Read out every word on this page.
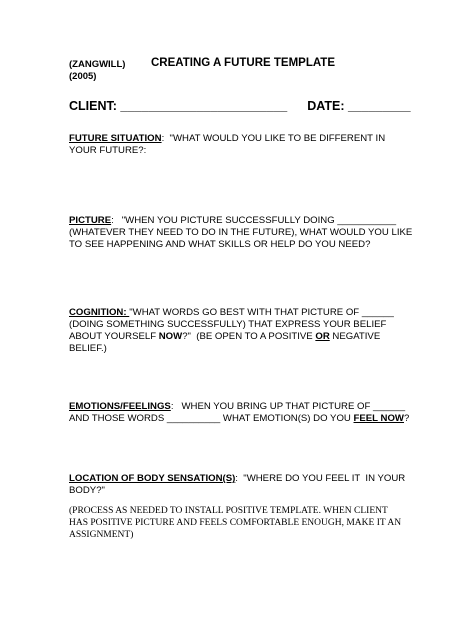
(ZANGWILL)
(2005)
CREATING A FUTURE TEMPLATE
CLIENT: ________________________ DATE: _________
FUTURE SITUATION:  "WHAT WOULD YOU LIKE TO BE DIFFERENT IN YOUR FUTURE?:
PICTURE:   "WHEN YOU PICTURE SUCCESSFULLY DOING ___________ (WHATEVER THEY NEED TO DO IN THE FUTURE), WHAT WOULD YOU LIKE TO SEE HAPPENING AND WHAT SKILLS OR HELP DO YOU NEED?
COGNITION: "WHAT WORDS GO BEST WITH THAT PICTURE OF ______ (DOING SOMETHING SUCCESSFULLY) THAT EXPRESS YOUR BELIEF ABOUT YOURSELF NOW?"  (BE OPEN TO A POSITIVE OR NEGATIVE BELIEF.)
EMOTIONS/FEELINGS:   WHEN YOU BRING UP THAT PICTURE OF ______ AND THOSE WORDS __________ WHAT EMOTION(S) DO YOU FEEL NOW?
LOCATION OF BODY SENSATION(S):  "WHERE DO YOU FEEL IT  IN YOUR BODY?"
(PROCESS AS NEEDED TO INSTALL POSITIVE TEMPLATE. WHEN CLIENT HAS POSITIVE PICTURE AND FEELS COMFORTABLE ENOUGH, MAKE IT AN ASSIGNMENT)
